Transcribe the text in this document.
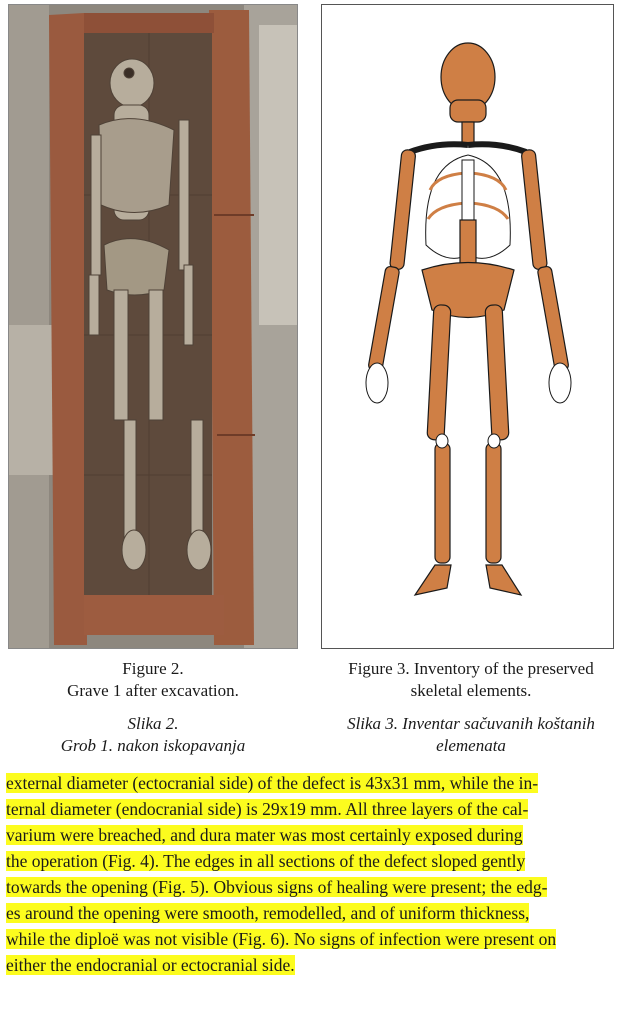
Figure 2.
Grave 1 after excavation.
Slika 2.
Grob 1. nakon iskopavanja
Figure 3. Inventory of the preserved
skeletal elements.
Slika 3. Inventar sačuvanih koštanih
elemenata
external diameter (ectocranial side) of the defect is 43x31 mm, while the in-
ternal diameter (endocranial side) is 29x19 mm. All three layers of the cal-
varium were breached, and dura mater was most certainly exposed during
the operation (Fig. 4). The edges in all sections of the defect sloped gently
towards the opening (Fig. 5). Obvious signs of healing were present; the edg-
es around the opening were smooth, remodelled, and of uniform thickness,
while the diploë was not visible (Fig. 6). No signs of infection were present on
either the endocranial or ectocranial side.
